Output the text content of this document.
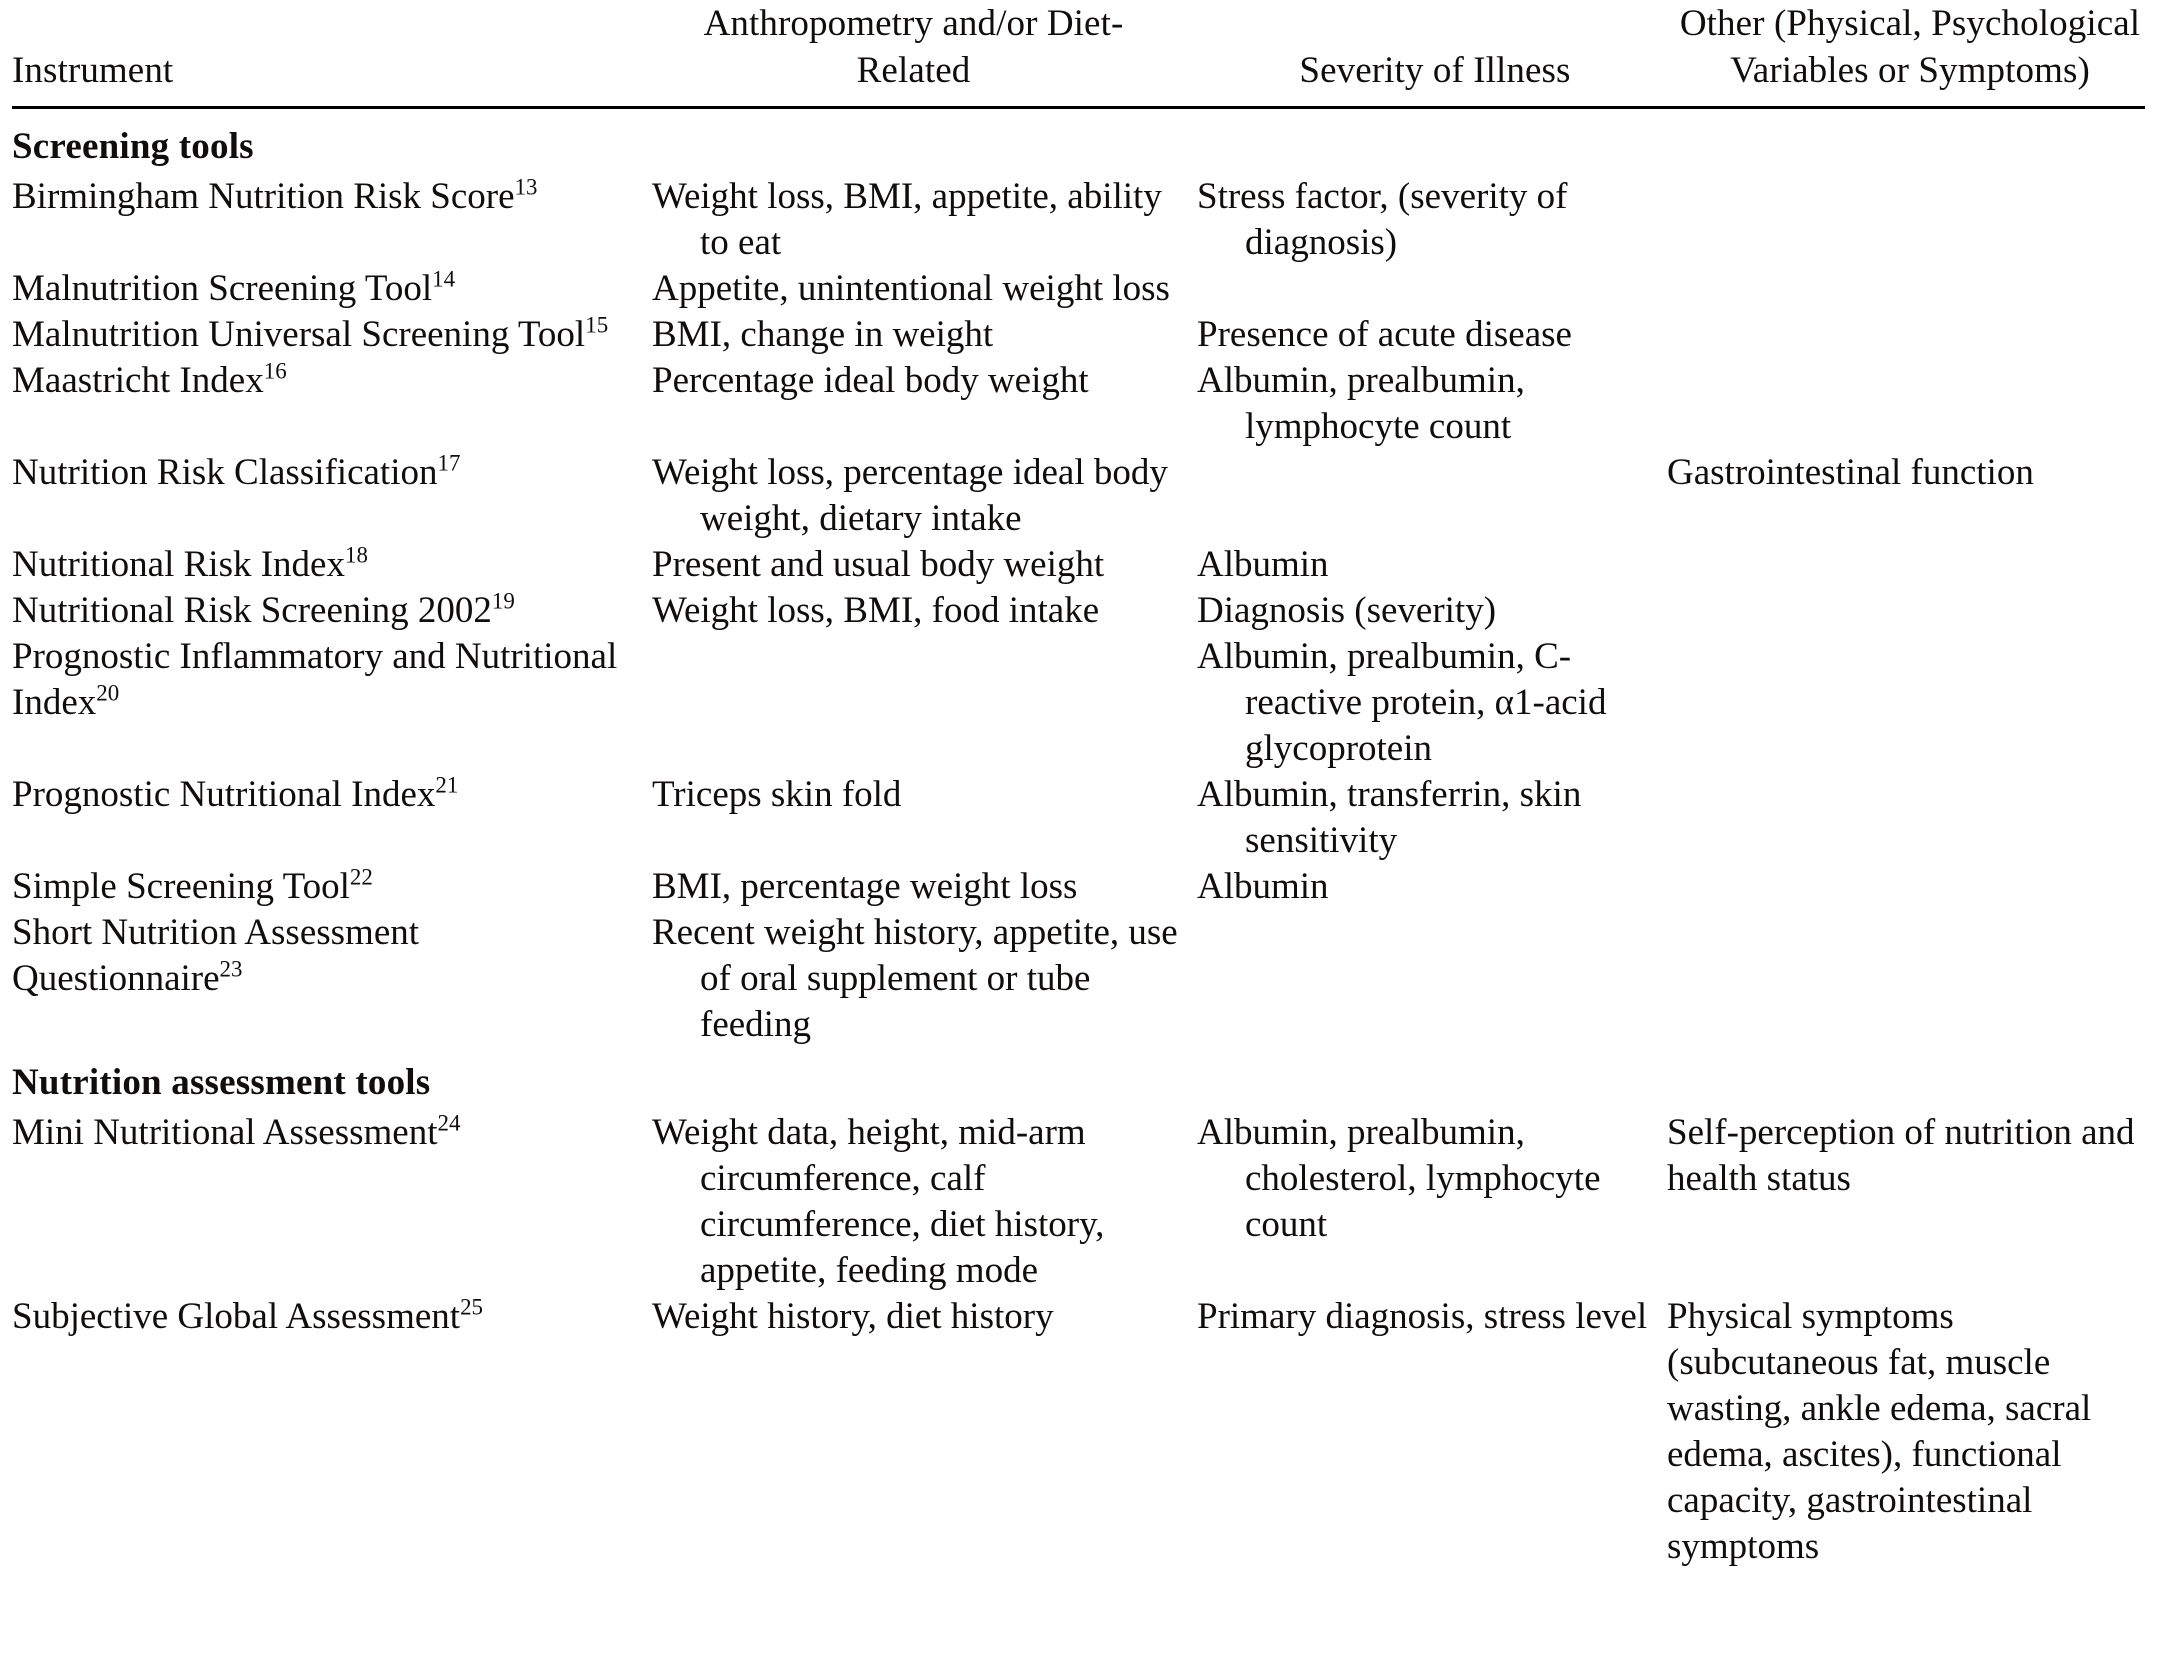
Instrument	Anthropometry and/or Diet-Related	Severity of Illness	Other (Physical, Psychological Variables or Symptoms)

Screening tools			
Birmingham Nutrition Risk Score$^{13}$	Weight loss, BMI, appetite, ability to eat	Stress factor, (severity of diagnosis)	
Malnutrition Screening Tool$^{14}$	Appetite, unintentional weight loss		
Malnutrition Universal Screening Tool$^{15}$	BMI, change in weight	Presence of acute disease	
Maastricht Index$^{16}$	Percentage ideal body weight	Albumin, prealbumin, lymphocyte count	
Nutrition Risk Classification$^{17}$	Weight loss, percentage ideal body weight, dietary intake		Gastrointestinal function
Nutritional Risk Index$^{18}$	Present and usual body weight	Albumin	
Nutritional Risk Screening 2002$^{19}$	Weight loss, BMI, food intake	Diagnosis (severity)	
Prognostic Inflammatory and Nutritional Index$^{20}$		Albumin, prealbumin, C-reactive protein, α1-acid glycoprotein	
Prognostic Nutritional Index$^{21}$	Triceps skin fold	Albumin, transferrin, skin sensitivity	
Simple Screening Tool$^{22}$	BMI, percentage weight loss	Albumin	
Short Nutrition Assessment Questionnaire$^{23}$	Recent weight history, appetite, use of oral supplement or tube feeding		
Nutrition assessment tools			
Mini Nutritional Assessment$^{24}$	Weight data, height, mid-arm circumference, calf circumference, diet history, appetite, feeding mode	Albumin, prealbumin, cholesterol, lymphocyte count	Self-perception of nutrition and health status
Subjective Global Assessment$^{25}$	Weight history, diet history	Primary diagnosis, stress level	Physical symptoms (subcutaneous fat, muscle wasting, ankle edema, sacral edema, ascites), functional capacity, gastrointestinal symptoms
